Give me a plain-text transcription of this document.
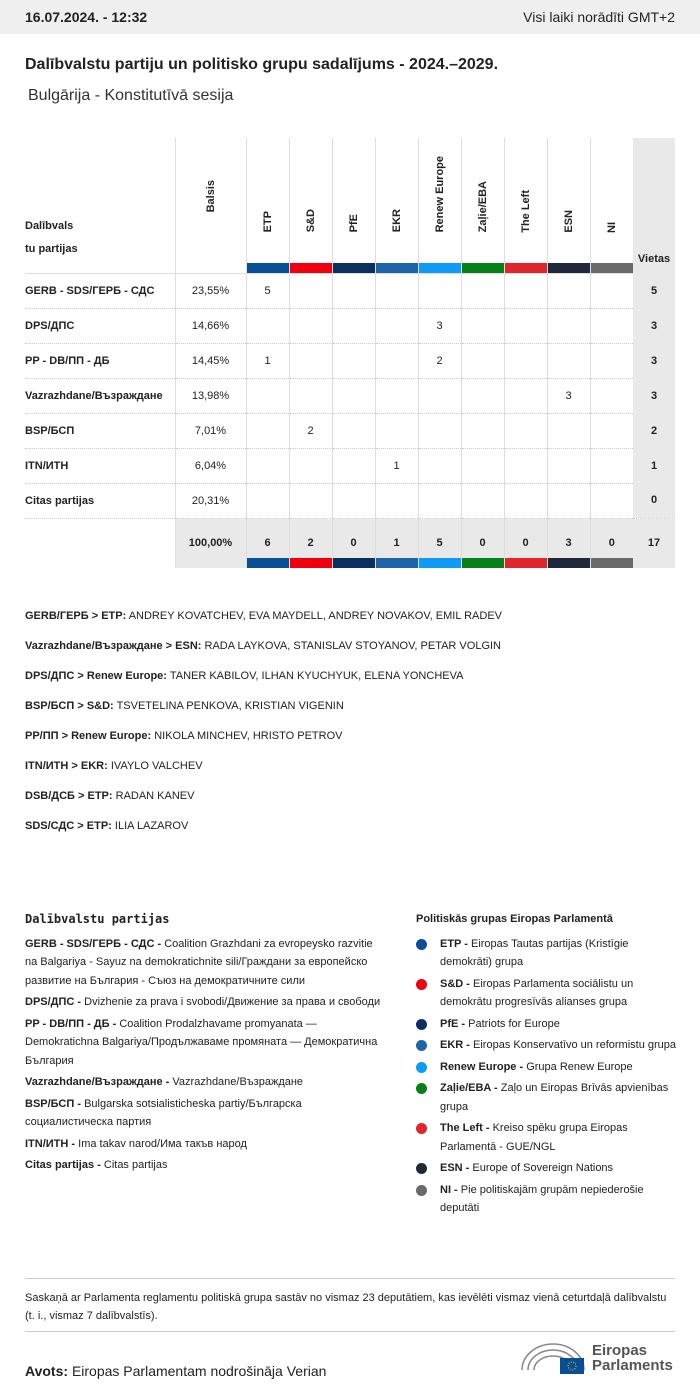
16.07.2024. - 12:32	Visi laiki norādīti GMT+2
Dalībvalstu partiju un politisko grupu sadalījums - 2024.–2029.
Bulgārija - Konstitutīvā sesija
Dalībvals tu partijas	Balsis	ETP	S&D	PfE	EKR	Renew Europe	Zaļie/EBA	The Left	ESN	NI	Vietas
GERB - SDS/ГЕРБ - СДС	23,55%	5									5
DPS/ДПС	14,66%					3					3
PP - DB/ПП - ДБ	14,45%	1				2					3
Vazrazhdane/Възраждане	13,98%								3		3
BSP/БСП	7,01%		2								2
ITN/ИТН	6,04%				1						1
Citas partijas	20,31%										0
	100,00%	6	2	0	1	5	0	0	3	0	17
GERB/ГЕРБ > ETP: ANDREY KOVATCHEV, EVA MAYDELL, ANDREY NOVAKOV, EMIL RADEV
Vazrazhdane/Възраждане > ESN: RADA LAYKOVA, STANISLAV STOYANOV, PETAR VOLGIN
DPS/ДПС > Renew Europe: TANER KABILOV, ILHAN KYUCHYUK, ELENA YONCHEVA
BSP/БСП > S&D: TSVETELINA PENKOVA, KRISTIAN VIGENIN
PP/ПП > Renew Europe: NIKOLA MINCHEV, HRISTO PETROV
ITN/ИТН > EKR: IVAYLO VALCHEV
DSB/ДСБ > ETP: RADAN KANEV
SDS/СДС > ETP: ILIA LAZAROV
Dalībvalstu partijas

GERB - SDS/ГЕРБ - СДС - Coalition Grazhdani za evropeysko razvitie na Balgariya - Sayuz na demokratichnite sili/Граждани за европейско развитие на България - Съюз на демократичните сили

DPS/ДПС - Dvizhenie za prava i svobodi/Движение за права и свободи

PP - DB/ПП - ДБ - Coalition Prodalzhavame promyanata — Demokratichna Balgariya/Продължаваме промяната — Демократична България

Vazrazhdane/Възраждане - Vazrazhdane/Възраждане

BSP/БСП - Bulgarska sotsialisticheska partiy/Българска социалистическа партия

ITN/ИТН - Ima takav narod/Има такъв народ

Citas partijas - Citas partijas

Politiskās grupas Eiropas Parlamentā
ETP - Eiropas Tautas partijas (Kristīgie demokrāti) grupa
S&D - Eiropas Parlamenta sociālistu un demokrātu progresīvās alianses grupa
PfE - Patriots for Europe
EKR - Eiropas Konservatīvo un reformistu grupa
Renew Europe - Grupa Renew Europe
Zaļie/EBA - Zaļo un Eiropas Brīvās apvienības grupa
The Left - Kreiso spēku grupa Eiropas Parlamentā - GUE/NGL
ESN - Europe of Sovereign Nations
NI - Pie politiskajām grupām nepiederošie deputāti
Saskaņā ar Parlamenta reglamentu politiskā grupa sastāv no vismaz 23 deputātiem, kas ievēlēti vismaz vienā ceturtdaļā dalībvalstu (t. i., vismaz 7 dalībvalstīs).
Avots: Eiropas Parlamentam nodrošināja Verian
Eiropas
Parlaments
